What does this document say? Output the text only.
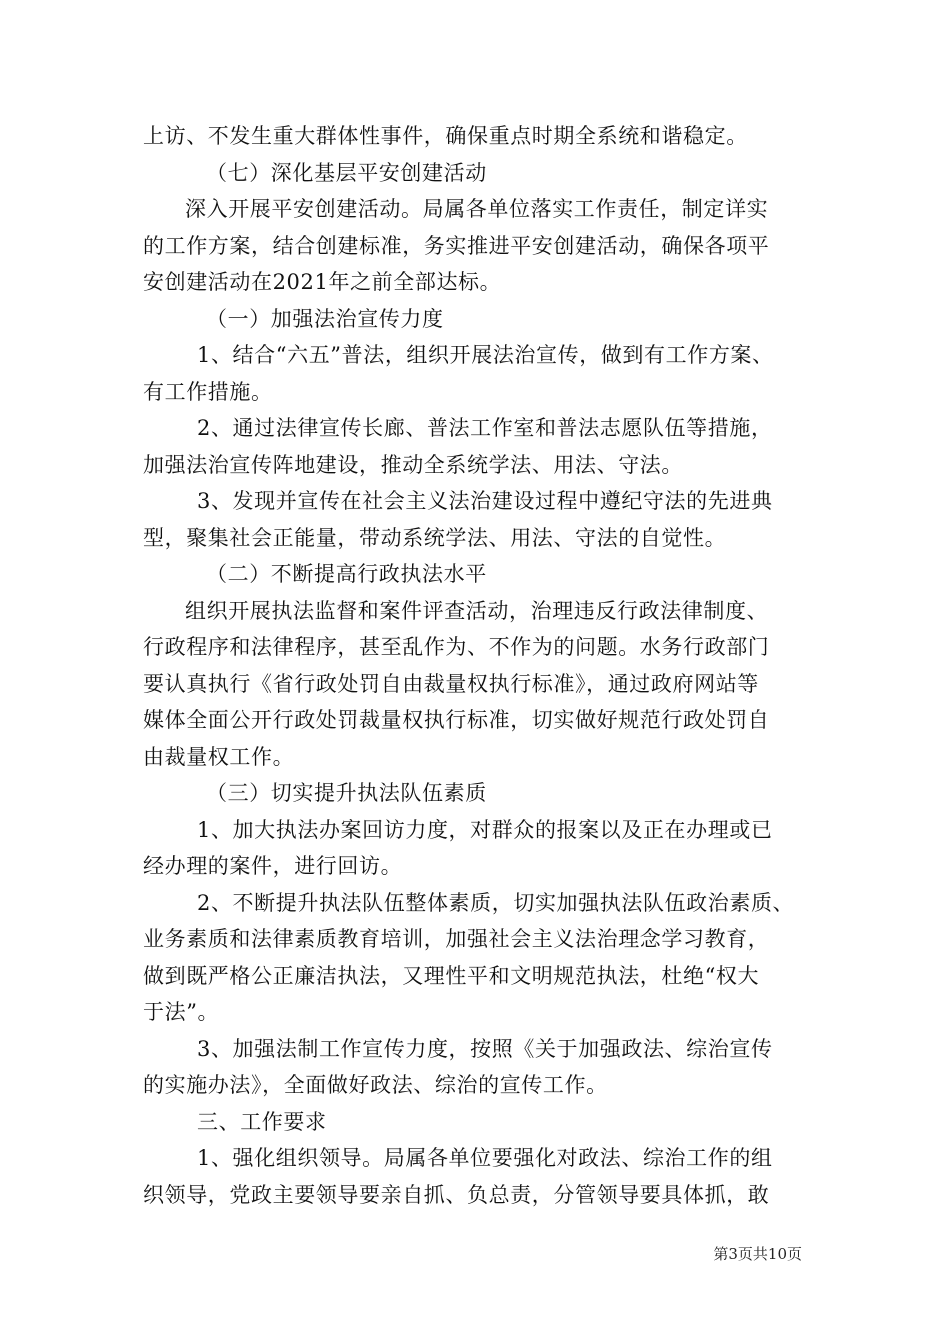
上访、不发生重大群体性事件，确保重点时期全系统和谐稳定。
（七）深化基层平安创建活动
深入开展平安创建活动。局属各单位落实工作责任，制定详实
的工作方案，结合创建标准，务实推进平安创建活动，确保各项平
安创建活动在2021年之前全部达标。
（一）加强法治宣传力度
1、结合“六五”普法，组织开展法治宣传，做到有工作方案、
有工作措施。
2、通过法律宣传长廊、普法工作室和普法志愿队伍等措施，
加强法治宣传阵地建设，推动全系统学法、用法、守法。
3、发现并宣传在社会主义法治建设过程中遵纪守法的先进典
型，聚集社会正能量，带动系统学法、用法、守法的自觉性。
（二）不断提高行政执法水平
组织开展执法监督和案件评查活动，治理违反行政法律制度、
行政程序和法律程序，甚至乱作为、不作为的问题。水务行政部门
要认真执行《省行政处罚自由裁量权执行标准》，通过政府网站等
媒体全面公开行政处罚裁量权执行标准，切实做好规范行政处罚自
由裁量权工作。
（三）切实提升执法队伍素质
1、加大执法办案回访力度，对群众的报案以及正在办理或已
经办理的案件，进行回访。
2、不断提升执法队伍整体素质，切实加强执法队伍政治素质、
业务素质和法律素质教育培训，加强社会主义法治理念学习教育，
做到既严格公正廉洁执法，又理性平和文明规范执法，杜绝“权大
于法”。
3、加强法制工作宣传力度，按照《关于加强政法、综治宣传
的实施办法》，全面做好政法、综治的宣传工作。
三、工作要求
1、强化组织领导。局属各单位要强化对政法、综治工作的组
织领导，党政主要领导要亲自抓、负总责，分管领导要具体抓，敢
第3页共10页
